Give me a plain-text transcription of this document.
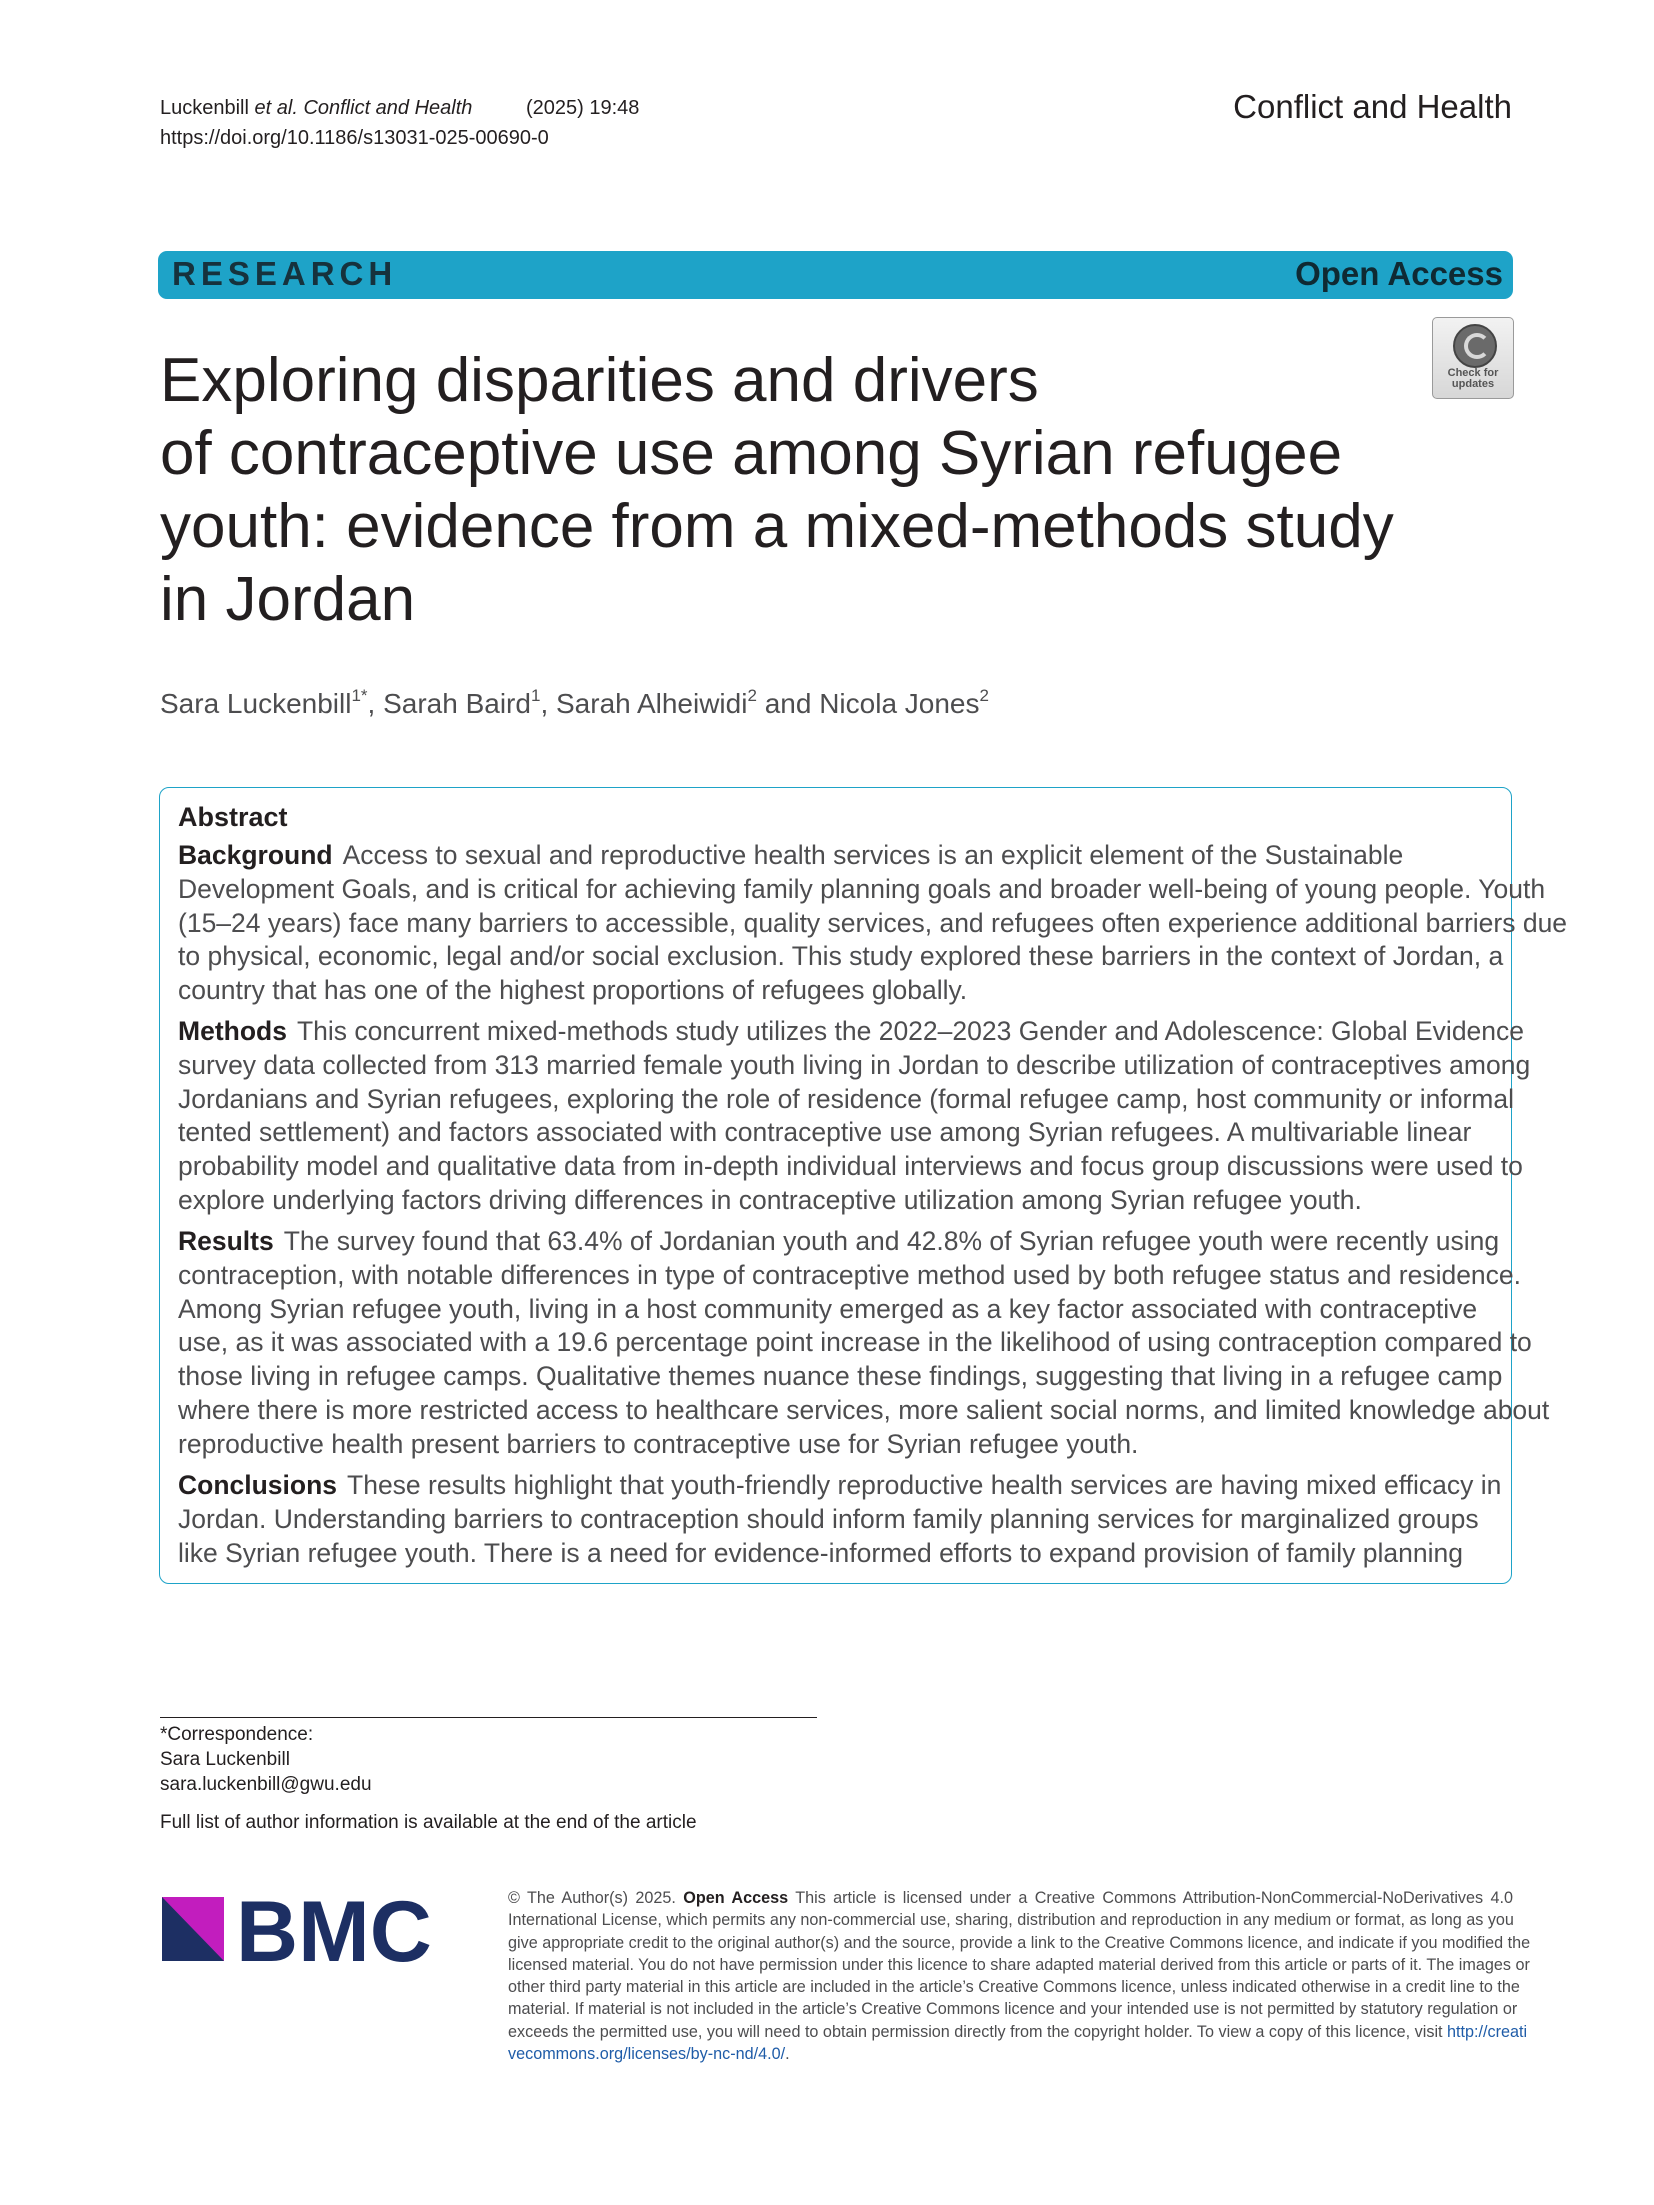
Luckenbill et al. Conflict and Health	(2025) 19:48
https://doi.org/10.1186/s13031-025-00690-0
Conflict and Health
RESEARCH	Open Access
Check for
updates
Exploring disparities and drivers
of contraceptive use among Syrian refugee
youth: evidence from a mixed-methods study
in Jordan
Sara Luckenbill$^{1*}$, Sarah Baird$^1$, Sarah Alheiwidi$^2$ and Nicola Jones$^2$
Abstract
Background Access to sexual and reproductive health services is an explicit element of the Sustainable
Development Goals, and is critical for achieving family planning goals and broader well-being of young people. Youth
(15–24 years) face many barriers to accessible, quality services, and refugees often experience additional barriers due
to physical, economic, legal and/or social exclusion. This study explored these barriers in the context of Jordan, a
country that has one of the highest proportions of refugees globally.
Methods This concurrent mixed-methods study utilizes the 2022–2023 Gender and Adolescence: Global Evidence
survey data collected from 313 married female youth living in Jordan to describe utilization of contraceptives among
Jordanians and Syrian refugees, exploring the role of residence (formal refugee camp, host community or informal
tented settlement) and factors associated with contraceptive use among Syrian refugees. A multivariable linear
probability model and qualitative data from in-depth individual interviews and focus group discussions were used to
explore underlying factors driving differences in contraceptive utilization among Syrian refugee youth.
Results The survey found that 63.4% of Jordanian youth and 42.8% of Syrian refugee youth were recently using
contraception, with notable differences in type of contraceptive method used by both refugee status and residence.
Among Syrian refugee youth, living in a host community emerged as a key factor associated with contraceptive
use, as it was associated with a 19.6 percentage point increase in the likelihood of using contraception compared to
those living in refugee camps. Qualitative themes nuance these findings, suggesting that living in a refugee camp
where there is more restricted access to healthcare services, more salient social norms, and limited knowledge about
reproductive health present barriers to contraceptive use for Syrian refugee youth.
Conclusions These results highlight that youth-friendly reproductive health services are having mixed efficacy in
Jordan. Understanding barriers to contraception should inform family planning services for marginalized groups
like Syrian refugee youth. There is a need for evidence-informed efforts to expand provision of family planning
*Correspondence:
Sara Luckenbill
sara.luckenbill@gwu.edu
Full list of author information is available at the end of the article
BMC	© The Author(s) 2025. Open Access This article is licensed under a Creative Commons Attribution-NonCommercial-NoDerivatives 4.0
International License, which permits any non-commercial use, sharing, distribution and reproduction in any medium or format, as long as you
give appropriate credit to the original author(s) and the source, provide a link to the Creative Commons licence, and indicate if you modified the
licensed material. You do not have permission under this licence to share adapted material derived from this article or parts of it. The images or
other third party material in this article are included in the article’s Creative Commons licence, unless indicated otherwise in a credit line to the
material. If material is not included in the article’s Creative Commons licence and your intended use is not permitted by statutory regulation or
exceeds the permitted use, you will need to obtain permission directly from the copyright holder. To view a copy of this licence, visit http://creati
vecommons.org/licenses/by-nc-nd/4.0/.
